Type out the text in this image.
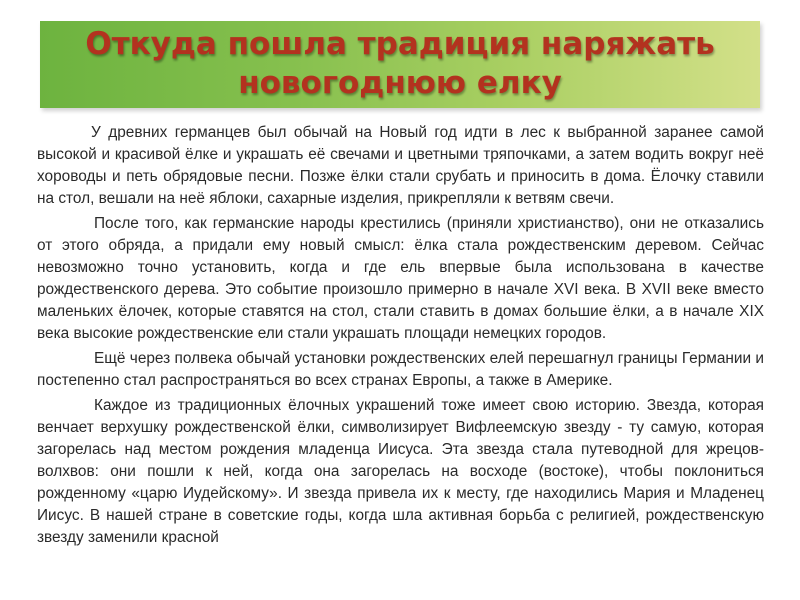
Откуда пошла традиция наряжать
новогоднюю елку

У древних германцев был обычай на Новый год идти в лес к выбранной заранее самой высокой и красивой ёлке и украшать её свечами и цветными тряпочками, а затем водить вокруг неё хороводы и петь обрядовые песни. Позже ёлки стали срубать и приносить в дома. Ёлочку ставили на стол, вешали на неё яблоки, сахарные изделия, прикрепляли к ветвям свечи.

После того, как германские народы крестились (приняли христианство), они не отказались от этого обряда, а придали ему новый смысл: ёлка стала рождественским деревом. Сейчас невозможно точно установить, когда и где ель впервые была использована в качестве рождественского дерева. Это событие произошло примерно в начале XVI века. В XVII веке вместо маленьких ёлочек, которые ставятся на стол, стали ставить в домах большие ёлки, а в начале XIX века высокие рождественские ели стали украшать площади немецких городов.

Ещё через полвека обычай установки рождественских елей перешагнул границы Германии и постепенно стал распространяться во всех странах Европы, а также в Америке.

Каждое из традиционных ёлочных украшений тоже имеет свою историю. Звезда, которая венчает верхушку рождественской ёлки, символизирует Вифлеемскую звезду - ту самую, которая загорелась над местом рождения младенца Иисуса. Эта звезда стала путеводной для жрецов-волхвов: они пошли к ней, когда она загорелась на восходе (востоке), чтобы поклониться рожденному «царю Иудейскому». И звезда привела их к месту, где находились Мария и Младенец Иисус. В нашей стране в советские годы, когда шла активная борьба с религией, рождественскую звезду заменили красной
